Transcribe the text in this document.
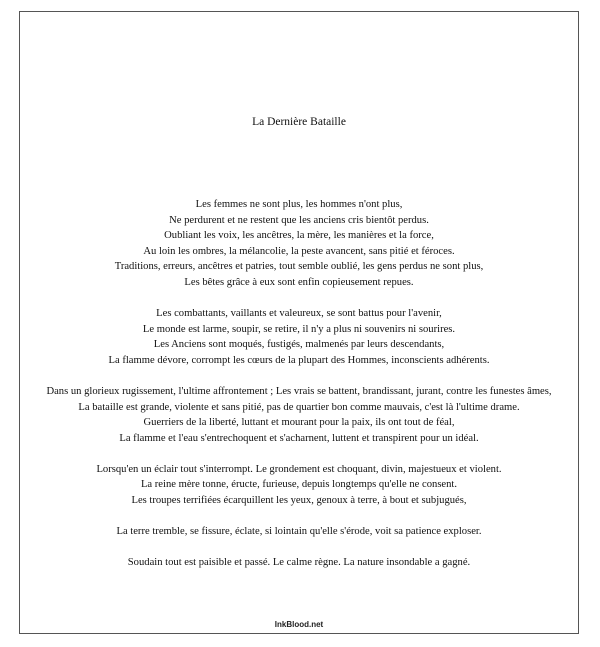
La Dernière Bataille
Les femmes ne sont plus, les hommes n'ont plus,
Ne perdurent et ne restent que les anciens cris bientôt perdus.
Oubliant les voix, les ancêtres, la mère, les manières et la force,
Au loin les ombres, la mélancolie, la peste avancent, sans pitié et féroces.
Traditions, erreurs, ancêtres et patries, tout semble oublié, les gens perdus ne sont plus,
Les bêtes grâce à eux sont enfin copieusement repues.
Les combattants, vaillants et valeureux, se sont battus pour l'avenir,
Le monde est larme, soupir, se retire, il n'y a plus ni souvenirs ni sourires.
Les Anciens sont moqués, fustigés, malmenés par leurs descendants,
La flamme dévore, corrompt les cœurs de la plupart des Hommes, inconscients adhérents.
Dans un glorieux rugissement, l'ultime affrontement ; Les vrais se battent, brandissant, jurant, contre les funestes âmes,
La bataille est grande, violente et sans pitié, pas de quartier bon comme mauvais, c'est là l'ultime drame.
Guerriers de la liberté, luttant et mourant pour la paix, ils ont tout de féal,
La flamme et l'eau s'entrechoquent et s'acharnent, luttent et transpirent pour un idéal.
Lorsqu'en un éclair tout s'interrompt. Le grondement est choquant, divin, majestueux et violent.
La reine mère tonne, éructe, furieuse, depuis longtemps qu'elle ne consent.
Les troupes terrifiées écarquillent les yeux, genoux à terre, à bout et subjugués,
La terre tremble, se fissure, éclate, si lointain qu'elle s'érode, voit sa patience exploser.
Soudain tout est paisible et passé. Le calme règne. La nature insondable a gagné.
InkBlood.net
